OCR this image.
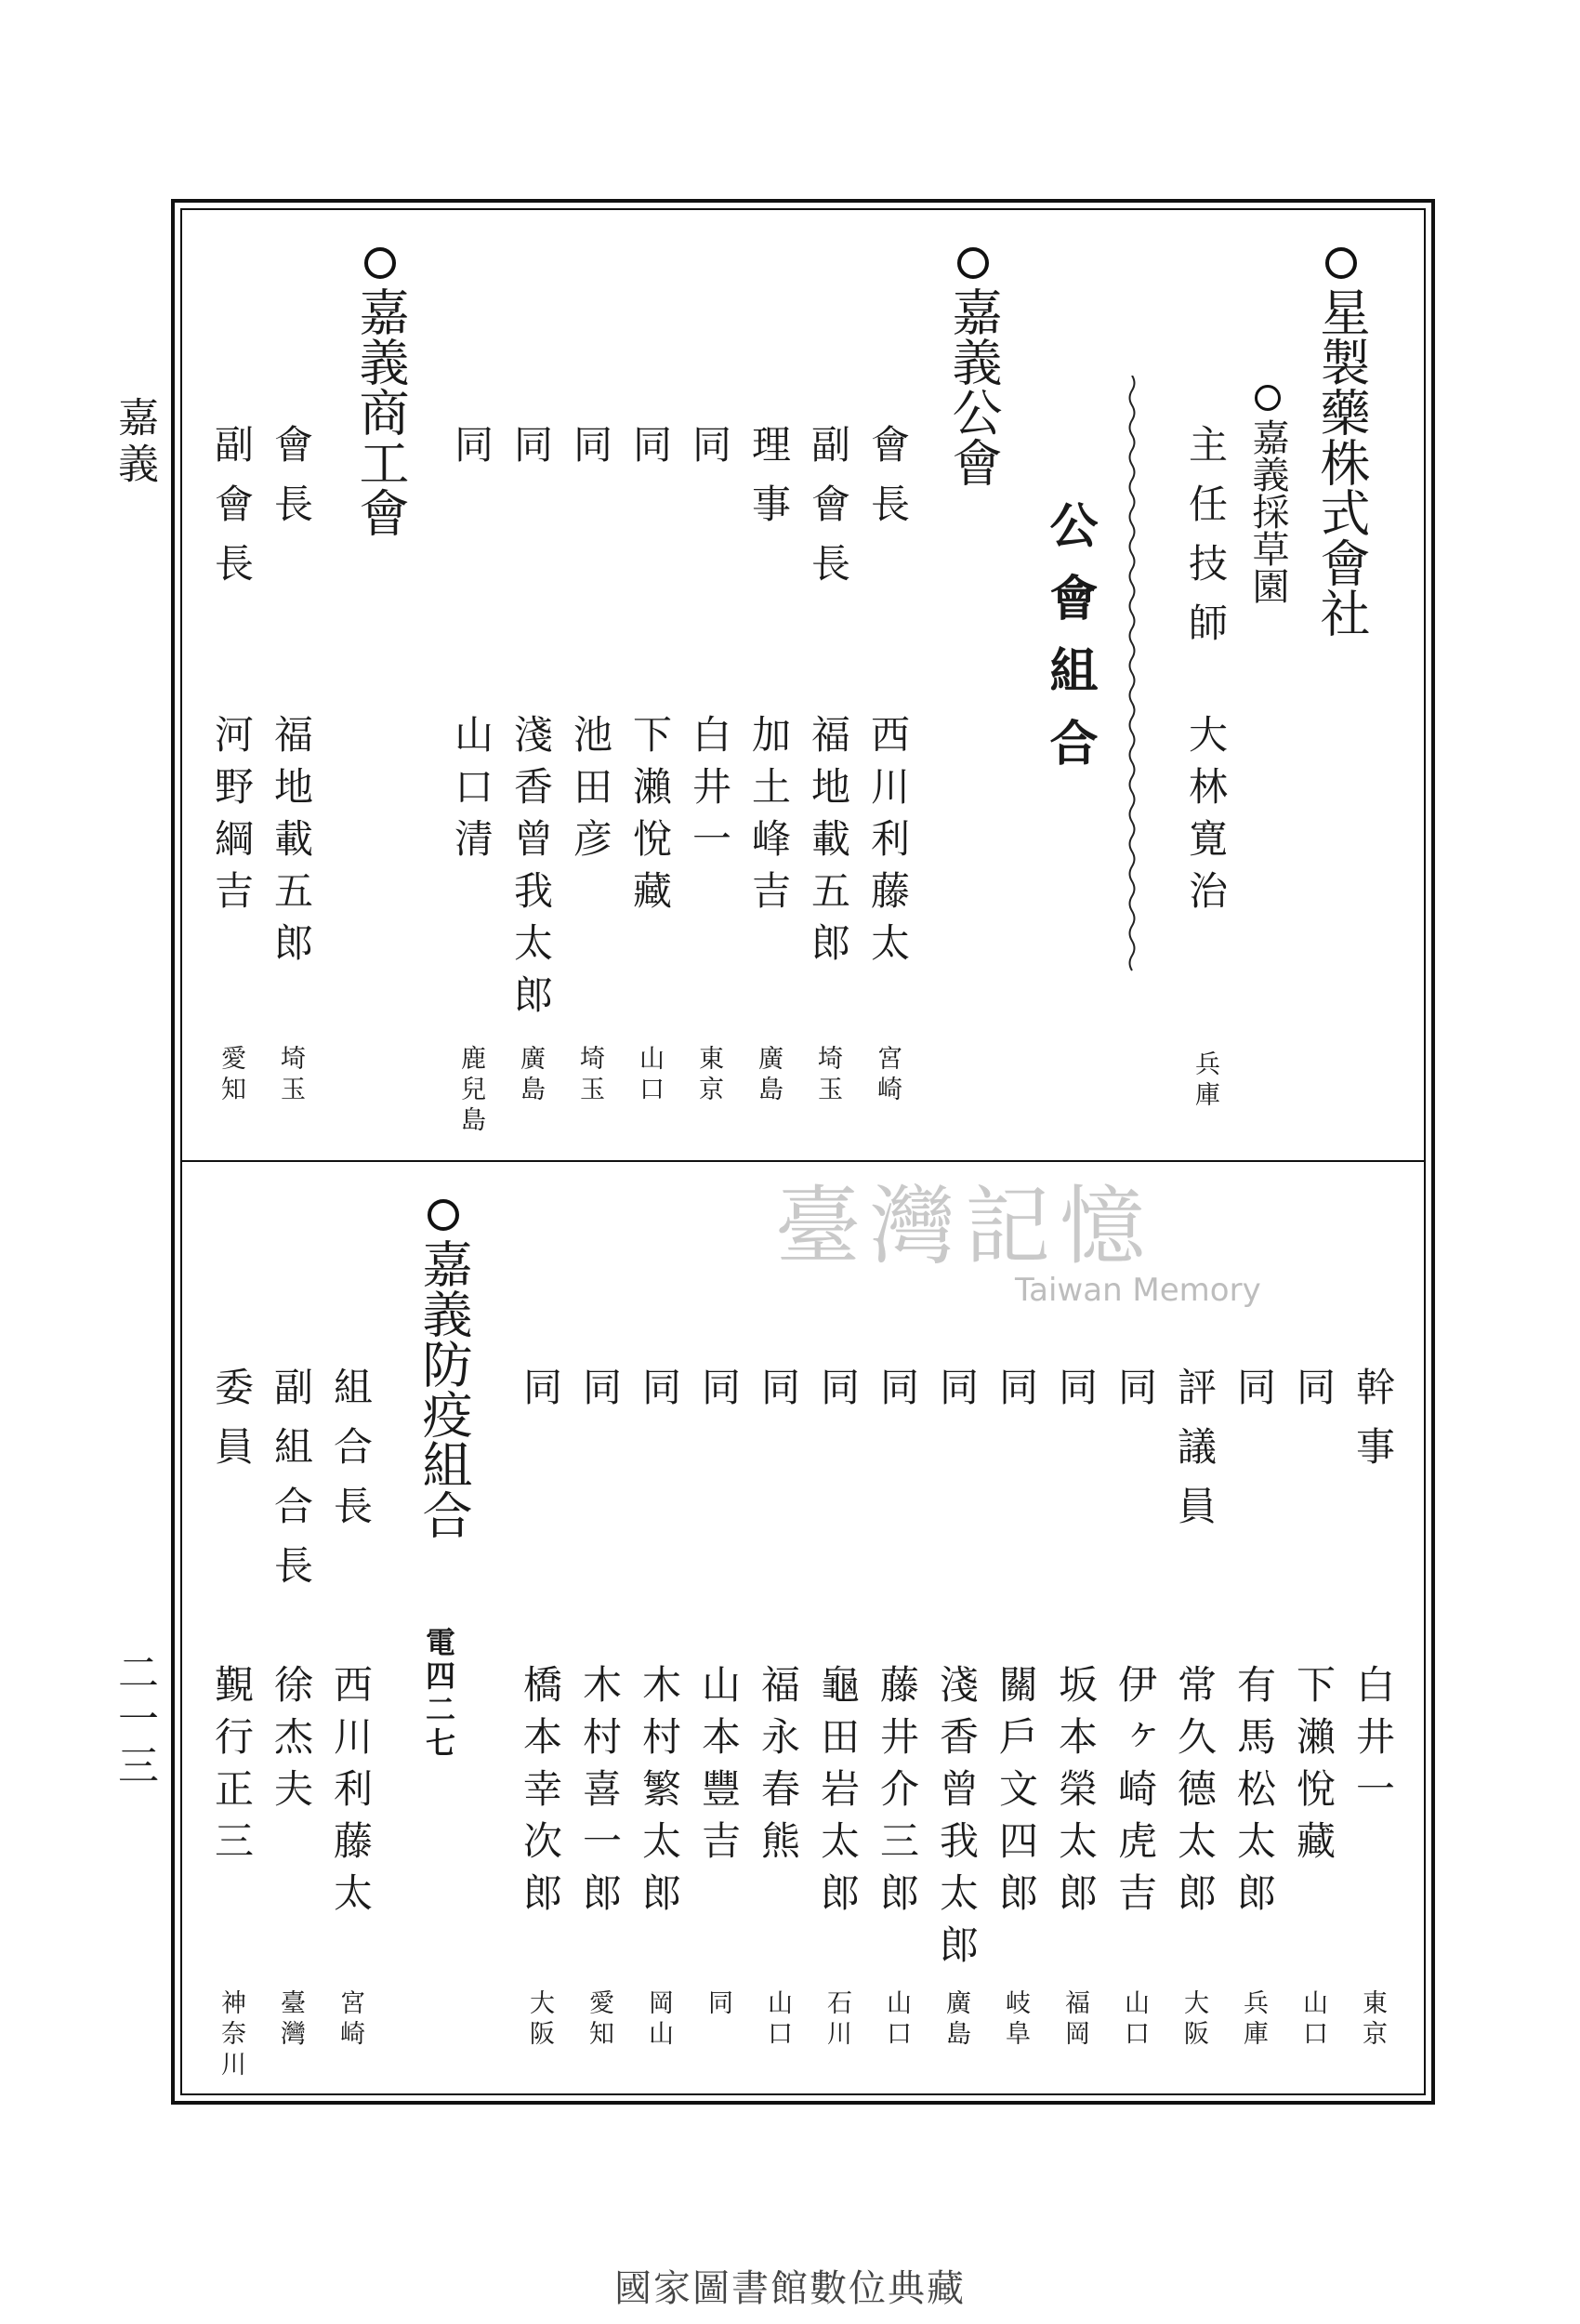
嘉義
二一三
星製藥株式會社
嘉義採草園
主任技師
大林寛治
兵庫
公會組合
嘉義公會
會長
西川利藤太
宮崎
副會長
福地載五郎
埼玉
理事
加土峰吉
廣島
同
白井一
東京
同
下瀨悅藏
山口
同
池田彦
埼玉
同
淺香曾我太郎
廣島
同
山口清
鹿兒島
嘉義商工會
會長
福地載五郎
埼玉
副會長
河野綱吉
愛知
幹事
白井一
東京
同
下瀨悅藏
山口
同
有馬松太郎
兵庫
評議員
常久德太郎
大阪
同
伊ヶ崎虎吉
山口
同
坂本榮太郎
福岡
同
關戶文四郎
岐阜
同
淺香曾我太郎
廣島
同
藤井介三郎
山口
同
龜田岩太郎
石川
同
福永春熊
山口
同
山本豐吉
同
同
木村繁太郎
岡山
同
木村喜一郎
愛知
同
橋本幸次郎
大阪
嘉義防疫組合
電四二七
組合長
西川利藤太
宮崎
副組合長
徐杰夫
臺灣
委員
覲行正三
神奈川
臺灣記憶
Taiwan Memory
國家圖書館數位典藏
